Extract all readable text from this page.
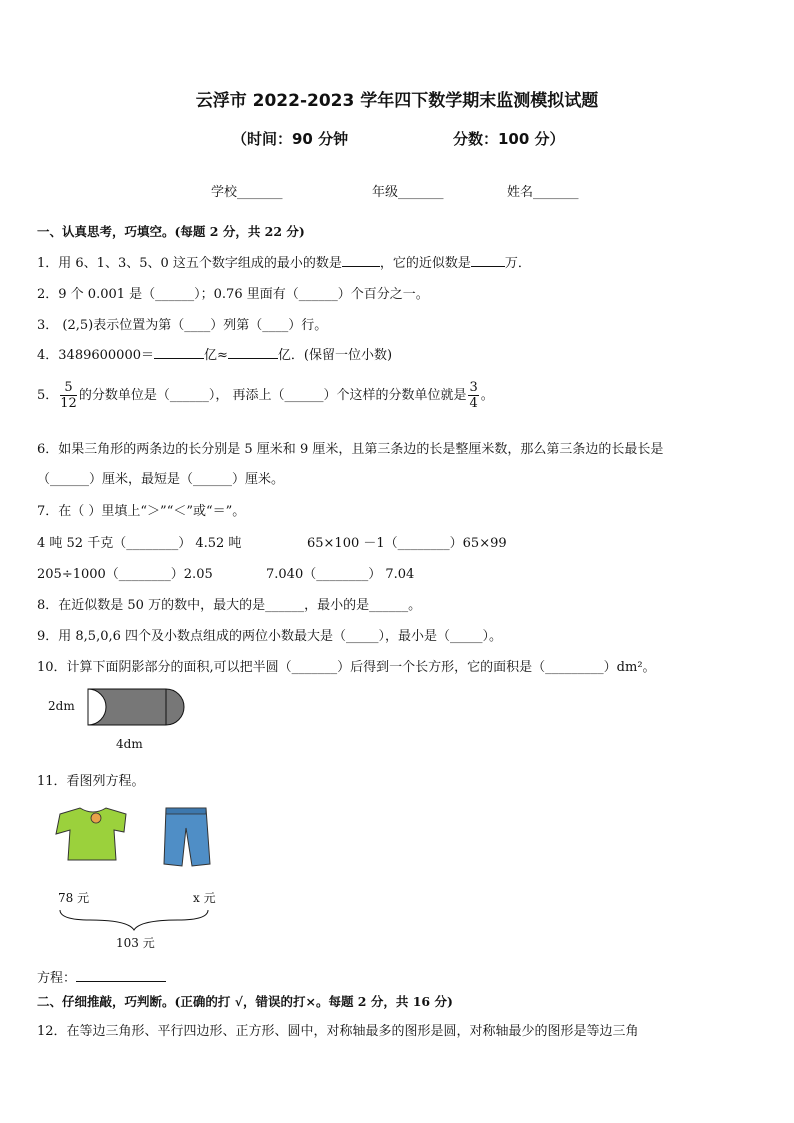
云浮市 2022-2023 学年四下数学期末监测模拟试题
（时间：90 分钟	分数：100 分）
学校_______	年级_______	姓名_______
一、认真思考，巧填空。(每题 2 分，共 22 分)
1．用 6、1、3、5、0 这五个数字组成的最小的数是	，它的近似数是	万．
2．9 个 0.001 是（______）；0.76 里面有（______）个百分之一。
3． (2,5)表示位置为第（____）列第（____）行。
4．3489600000＝	亿≈	亿．(保留一位小数)
5． $\frac{5}{12}$ 的分数单位是（______）， 再添上（______）个这样的分数单位就是 $\frac{3}{4}$ 。
6．如果三角形的两条边的长分别是 5 厘米和 9 厘米，且第三条边的长是整厘米数，那么第三条边的长最长是
（______）厘米，最短是（______）厘米。
7．在（ ）里填上“＞”“＜”或“＝”。
4 吨 52 千克（________） 4.52 吨	65×100 －1（________）65×99
205÷1000（________）2.05	7.040（________） 7.04
8．在近似数是 50 万的数中，最大的是______，最小的是______。
9．用 8,5,0,6 四个及小数点组成的两位小数最大是（_____），最小是（_____）。
10．计算下面阴影部分的面积,可以把半圆（_______）后得到一个长方形，它的面积是（_________）dm²。
2dm
4dm
11．看图列方程。
78 元	x 元
103 元
方程：
二、仔细推敲，巧判断。(正确的打 √，错误的打×。每题 2 分，共 16 分)
12．在等边三角形、平行四边形、正方形、圆中，对称轴最多的图形是圆，对称轴最少的图形是等边三角
